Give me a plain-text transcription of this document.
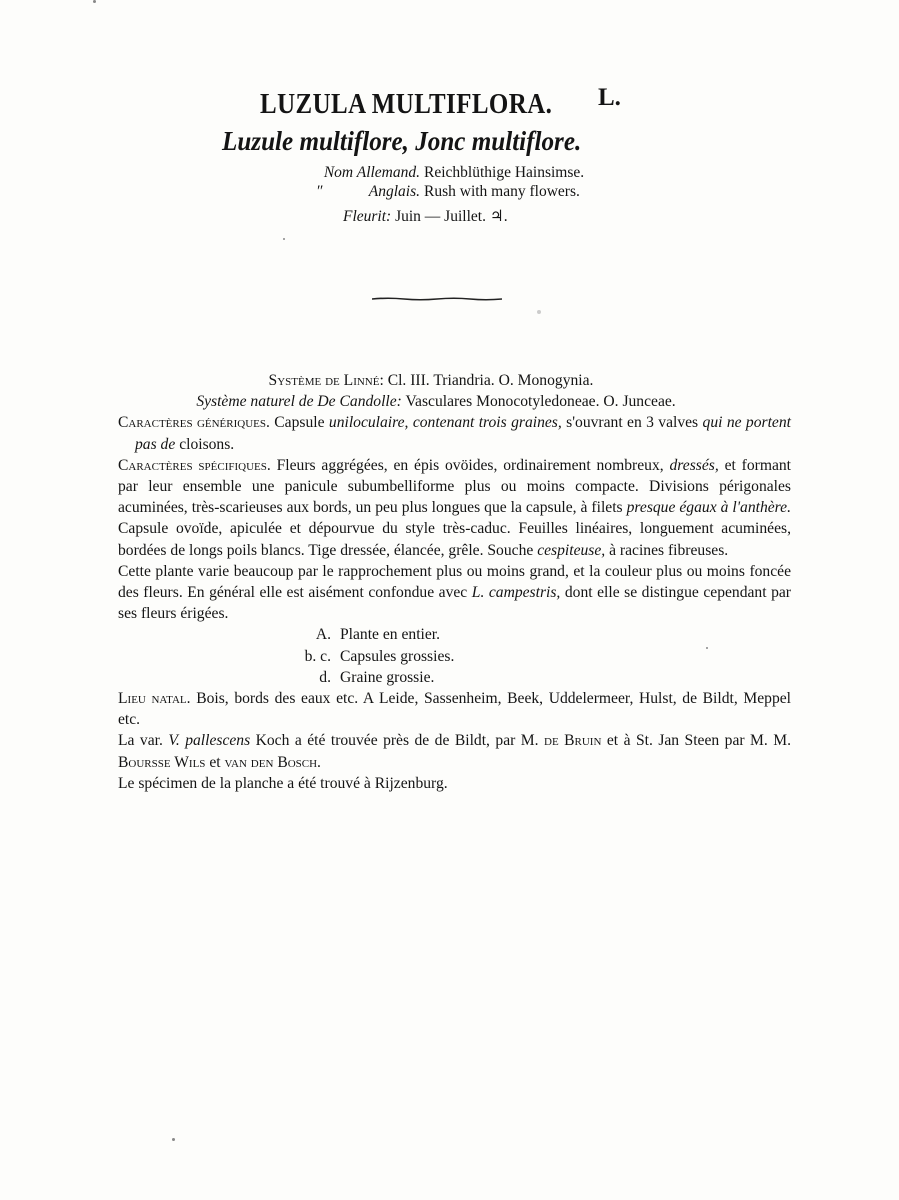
LUZULA MULTIFLORA. L.
Luzule multiflore, Jonc multiflore.
Nom Allemand. Reichblüthige Hainsimse.
″	Anglais. Rush with many flowers.
Fleurit: Juin — Juillet. ♃.

Système de Linné: Cl. III. Triandria. O. Monogynia.

Système naturel de De Candolle: Vasculares Monocotyledoneae. O. Junceae.

Caractères génériques. Capsule uniloculaire, contenant trois graines, s'ouvrant en 3 valves qui ne portent pas de cloisons.

Caractères spécifiques. Fleurs aggrégées, en épis ovöides, ordinairement nombreux, dressés, et formant par leur ensemble une panicule subumbelliforme plus ou moins compacte. Divisions périgonales acuminées, très-scarieuses aux bords, un peu plus longues que la capsule, à filets presque égaux à l'anthère. Capsule ovoïde, apiculée et dépourvue du style très-caduc. Feuilles linéaires, longuement acuminées, bordées de longs poils blancs. Tige dressée, élancée, grêle. Souche cespiteuse, à racines fibreuses.

Cette plante varie beaucoup par le rapprochement plus ou moins grand, et la couleur plus ou moins foncée des fleurs. En général elle est aisément confondue avec L. campestris, dont elle se distingue cependant par ses fleurs érigées.

A. Plante en entier.
b. c. Capsules grossies.
d. Graine grossie.

Lieu natal. Bois, bords des eaux etc. A Leide, Sassenheim, Beek, Uddelermeer, Hulst, de Bildt, Meppel etc.

La var. V. pallescens Koch a été trouvée près de de Bildt, par M. de Bruin et à St. Jan Steen par M. M. Boursse Wils et van den Bosch.

Le spécimen de la planche a été trouvé à Rijzenburg.
